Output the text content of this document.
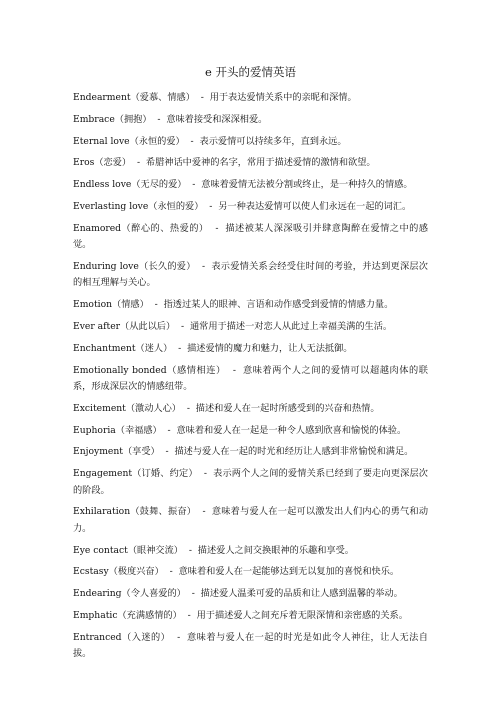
e 开头的爱情英语
Endearment（爱慕、情感）  -  用于表达爱情关系中的亲昵和深情。
Embrace（拥抱）  -  意味着接受和深深相爱。
Eternal love（永恒的爱）  -  表示爱情可以持续多年，直到永远。
Eros（恋爱）  -  希腊神话中爱神的名字，常用于描述爱情的激情和欲望。
Endless love（无尽的爱）  -  意味着爱情无法被分割或终止，是一种持久的情感。
Everlasting love（永恒的爱）  -  另一种表达爱情可以使人们永远在一起的词汇。
Enamored（醉心的、热爱的）  -  描述被某人深深吸引并肆意陶醉在爱情之中的感觉。
Enduring love（长久的爱）  -  表示爱情关系会经受住时间的考验，并达到更深层次的相互理解与关心。
Emotion（情感）  -  指透过某人的眼神、言语和动作感受到爱情的情感力量。
Ever after（从此以后）  -  通常用于描述一对恋人从此过上幸福美满的生活。
Enchantment（迷人）  -  描述爱情的魔力和魅力，让人无法抵御。
Emotionally bonded（感情相连）  -  意味着两个人之间的爱情可以超越肉体的联系，形成深层次的情感纽带。
Excitement（激动人心）  -  描述和爱人在一起时所感受到的兴奋和热情。
Euphoria（幸福感）  -  意味着和爱人在一起是一种令人感到欣喜和愉悦的体验。
Enjoyment（享受）  -  描述与爱人在一起的时光和经历让人感到非常愉悦和满足。
Engagement（订婚、约定）  -  表示两个人之间的爱情关系已经到了要走向更深层次的阶段。
Exhilaration（鼓舞、振奋）  -  意味着与爱人在一起可以激发出人们内心的勇气和动力。
Eye contact（眼神交流）  -  描述爱人之间交换眼神的乐趣和享受。
Ecstasy（极度兴奋）  -  意味着和爱人在一起能够达到无以复加的喜悦和快乐。
Endearing（令人喜爱的）  -  描述爱人温柔可爱的品质和让人感到温馨的举动。
Emphatic（充满感情的）  -  用于描述爱人之间充斥着无限深情和亲密感的关系。
Entranced（入迷的）  -  意味着与爱人在一起的时光是如此令人神往，让人无法自拔。
